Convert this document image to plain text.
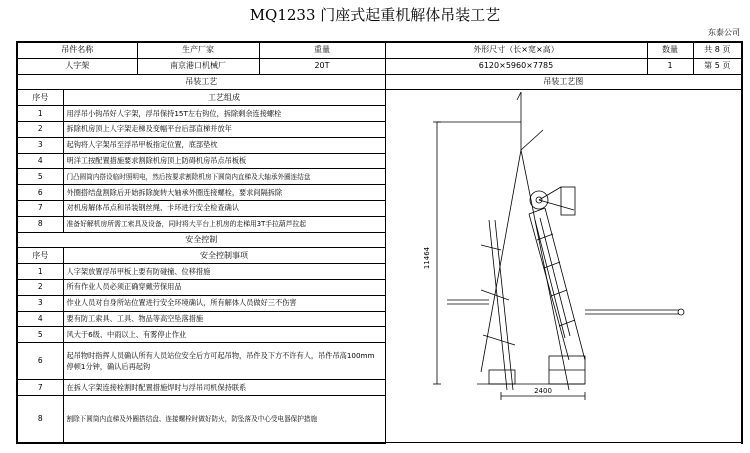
MQ1233 门座式起重机解体吊装工艺
东泰公司
吊件名称		生产厂家	重量	外形尺寸（长×宽×高）	数量	共 8 页	
人字架		南京港口机械厂	20T	6120×5960×7785	1	第 5 页	
吊装工艺				吊装工艺图			
序号	工艺组成			11464
2400			

1	用浮吊小钩吊好人字架，浮吊保持15T左右钩位，拆除剩余连接螺栓						
2	拆除机房顶上人字架走梯及变幅平台后部直梯并放年						
3	起钩将人字架吊至浮吊甲板指定位置，底部垫枕						
4	明洋工按配置措施要求割除机房顶上防碍机房吊点吊板板						
5	门凸圆筒内搭设临时照明电，然后按要求割除机房下圆筒内直梯及大轴承外圈连结盘						
6	外圈搭结盘割除后开始拆除旋转大轴承外圈连接螺栓，要求间隔拆除						
7	对机房解体吊点和吊装钢丝绳、卡环进行安全检查确认						
8	准备好解机房所需工索具及设备，同时将大平台上机房的走梯用3T手拉葫芦拉起						
安全控制							
序号	安全控制事项						
1	人字架放置浮吊甲板上要有防碰撞、位移措施						
2	所有作业人员必须正确穿戴劳保用品						
3	作业人员对自身所站位置进行安全环境确认，所有解体人员做好三不伤害						
4	要有防工索具、工具、物品等高空坠落措施						
5	风大于6级、中雨以上、有雾停止作业						
6	起吊物时指挥人员确认所有人员站位安全后方可起吊物，吊件及下方不许有人，吊件吊高100mm停顿1分钟，确认后再起钩						

7	在拆人字架连接栓割时配置措施焊时与浮吊司机保持联系						
8	割除下圆筒内直梯及外圈搭结盘、连接螺栓时做好防火，防坠落及中心受电器保护措施		
